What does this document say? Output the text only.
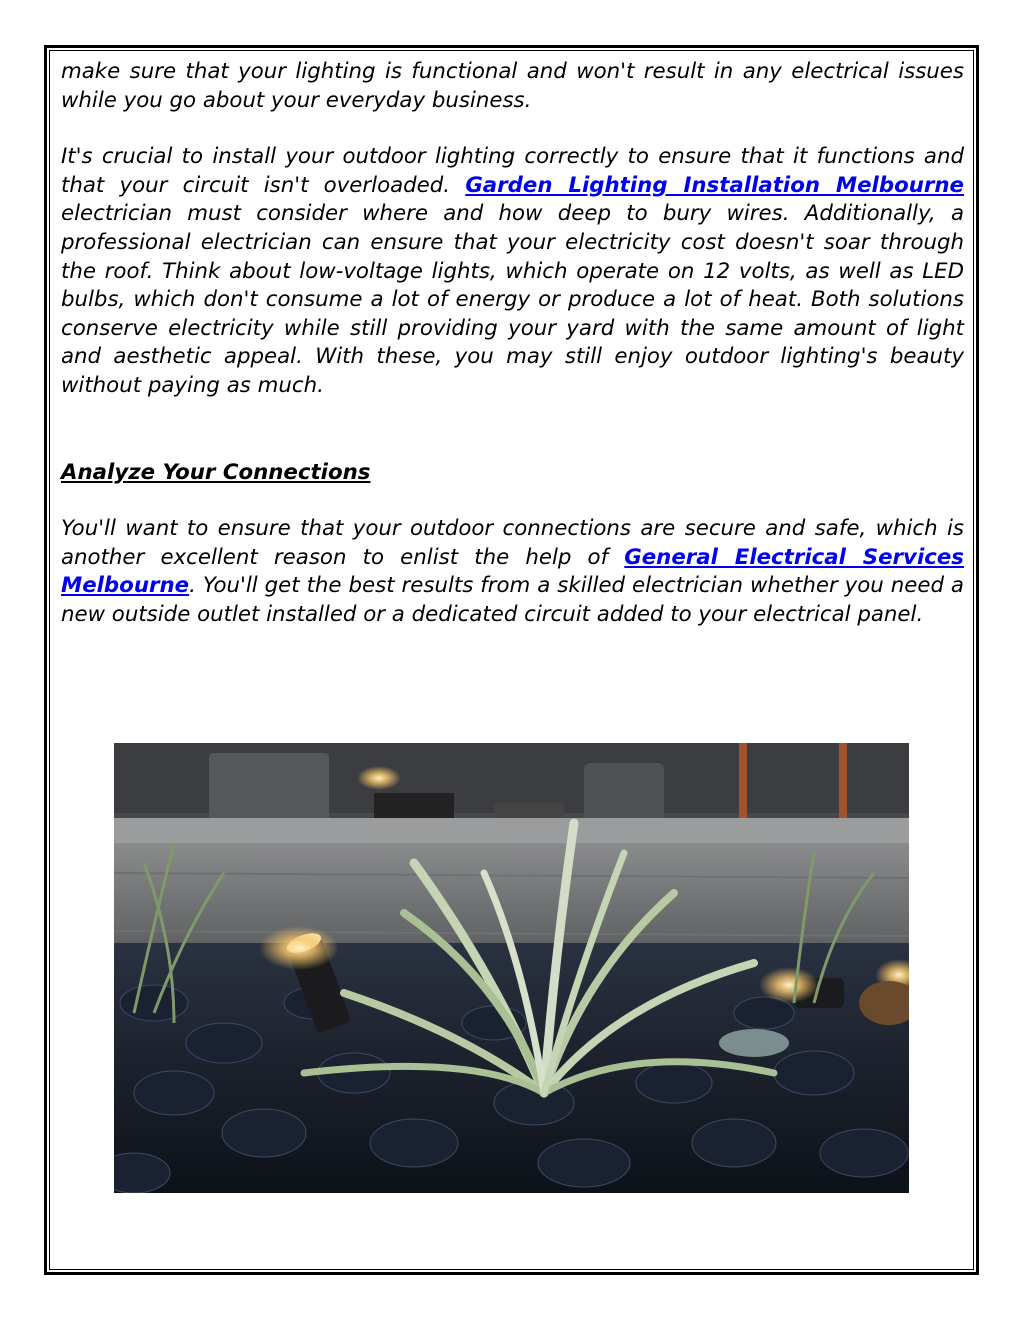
make sure that your lighting is functional and won't result in any electrical issues while you go about your everyday business.

It's crucial to install your outdoor lighting correctly to ensure that it functions and that your circuit isn't overloaded. Garden Lighting Installation Melbourne electrician must consider where and how deep to bury wires. Additionally, a professional electrician can ensure that your electricity cost doesn't soar through the roof. Think about low-voltage lights, which operate on 12 volts, as well as LED bulbs, which don't consume a lot of energy or produce a lot of heat. Both solutions conserve electricity while still providing your yard with the same amount of light and aesthetic appeal. With these, you may still enjoy outdoor lighting's beauty without paying as much.

Analyze Your Connections

You'll want to ensure that your outdoor connections are secure and safe, which is another excellent reason to enlist the help of General Electrical Services Melbourne. You'll get the best results from a skilled electrician whether you need a new outside outlet installed or a dedicated circuit added to your electrical panel.
